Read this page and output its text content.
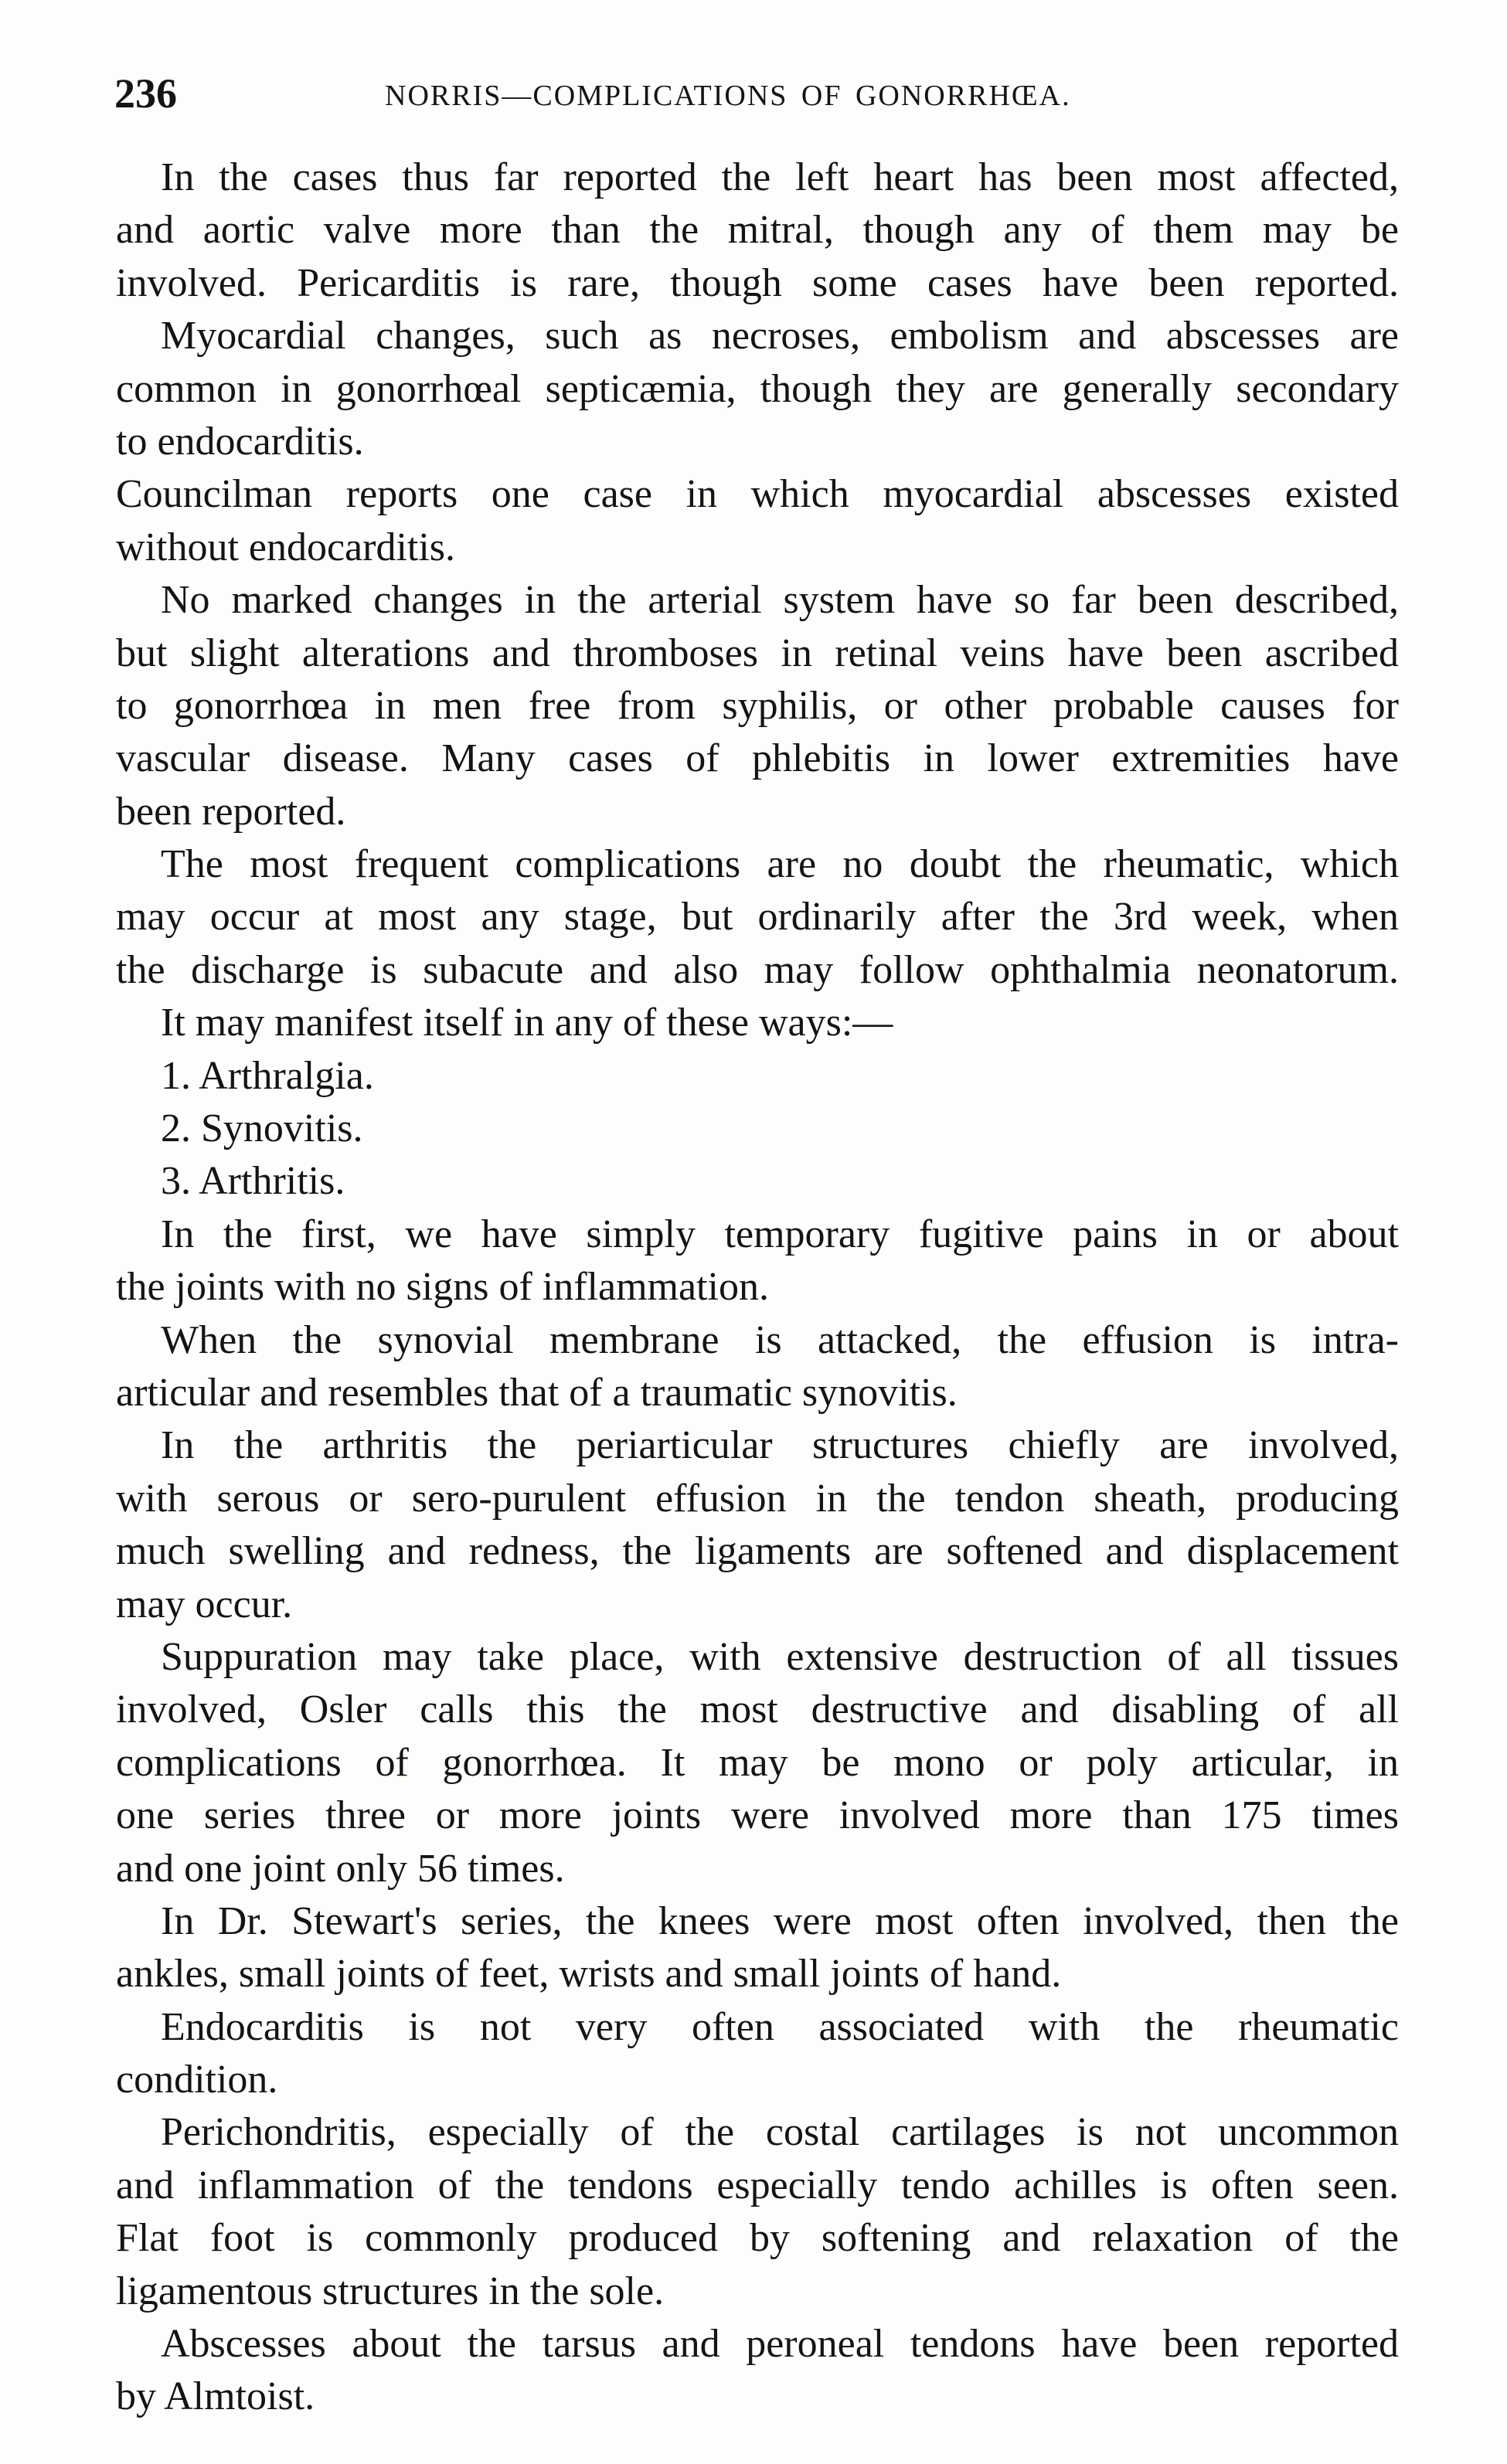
236	NORRIS—COMPLICATIONS OF GONORRHŒA.
In the cases thus far reported the left heart has been most affected,
and aortic valve more than the mitral, though any of them may be
involved. Pericarditis is rare, though some cases have been reported.
Myocardial changes, such as necroses, embolism and abscesses are
common in gonorrhœal septicæmia, though they are generally secondary
to endocarditis.
Councilman reports one case in which myocardial abscesses existed
without endocarditis.
No marked changes in the arterial system have so far been described,
but slight alterations and thromboses in retinal veins have been ascribed
to gonorrhœa in men free from syphilis, or other probable causes for
vascular disease. Many cases of phlebitis in lower extremities have
been reported.
The most frequent complications are no doubt the rheumatic, which
may occur at most any stage, but ordinarily after the 3rd week, when
the discharge is subacute and also may follow ophthalmia neonatorum.
It may manifest itself in any of these ways:—
1. Arthralgia.
2. Synovitis.
3. Arthritis.
In the first, we have simply temporary fugitive pains in or about
the joints with no signs of inflammation.
When the synovial membrane is attacked, the effusion is intra-
articular and resembles that of a traumatic synovitis.
In the arthritis the periarticular structures chiefly are involved,
with serous or sero-purulent effusion in the tendon sheath, producing
much swelling and redness, the ligaments are softened and displacement
may occur.
Suppuration may take place, with extensive destruction of all tissues
involved, Osler calls this the most destructive and disabling of all
complications of gonorrhœa. It may be mono or poly articular, in
one series three or more joints were involved more than 175 times
and one joint only 56 times.
In Dr. Stewart's series, the knees were most often involved, then the
ankles, small joints of feet, wrists and small joints of hand.
Endocarditis is not very often associated with the rheumatic
condition.
Perichondritis, especially of the costal cartilages is not uncommon
and inflammation of the tendons especially tendo achilles is often seen.
Flat foot is commonly produced by softening and relaxation of the
ligamentous structures in the sole.
Abscesses about the tarsus and peroneal tendons have been reported
by Almtoist.
